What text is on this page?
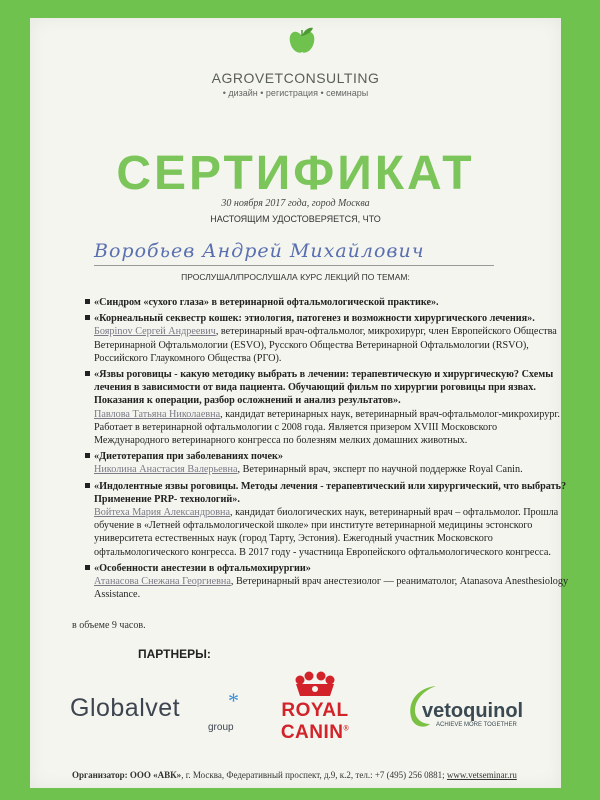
AGROVETCONSULTING
• дизайн • регистрация • семинары
СЕРТИФИКАТ
30 ноября 2017 года, город Москва
НАСТОЯЩИМ УДОСТОВЕРЯЕТСЯ, ЧТО
Воробьев Андрей Михайлович
ПРОСЛУШАЛ/ПРОСЛУШАЛА КУРС ЛЕКЦИЙ ПО ТЕМАМ:
«Синдром «сухого глаза» в ветеринарной офтальмологической практике».
«Корнеальный секвестр кошек: этиология, патогенез и возможности хирургического лечения».
Боярinov Сергей Андреевич, ветеринарный врач-офтальмолог, микрохирург, член Европейского Общества Ветеринарной Офтальмологии (ESVO), Русского Общества Ветеринарной Офтальмологии (RSVO), Российского Глаукомного Общества (РГО).
«Язвы роговицы - какую методику выбрать в лечении: терапевтическую и хирургическую? Схемы лечения в зависимости от вида пациента. Обучающий фильм по хирургии роговицы при язвах. Показания к операции, разбор осложнений и анализ результатов».
Павлова Татьяна Николаевна, кандидат ветеринарных наук, ветеринарный врач-офтальмолог-микрохирург. Работает в ветеринарной офтальмологии с 2008 года. Является призером XVIII Московского Международного ветеринарного конгресса по болезням мелких домашних животных.
«Диетотерапия при заболеваниях почек»
Николина Анастасия Валерьевна, Ветеринарный врач, эксперт по научной поддержке Royal Canin.
«Индолентные язвы роговицы. Методы лечения - терапевтический или хирургический, что выбрать? Применение PRP- технологий».
Войтеха Мария Александровна, кандидат биологических наук, ветеринарный врач – офтальмолог. Прошла обучение в «Летней офтальмологической школе» при институте ветеринарной медицины эстонского университета естественных наук (город Тарту, Эстония). Ежегодный участник Московского офтальмологического конгресса. В 2017 году - участница Европейского офтальмологического конгресса.
«Особенности анестезии в офтальмохирургии»
Атанасова Снежана Георгиевна, Ветеринарный врач анестезиолог — реаниматолог, Atanasova Anesthesiology Assistance.
в объеме 9 часов.
ПАРТНЕРЫ:
Globalvet *
group
ROYAL CANIN®
vetoquinol
ACHIEVE MORE TOGETHER
Организатор: ООО «АВК», г. Москва, Федеративный проспект, д.9, к.2, тел.: +7 (495) 256 0881; www.vetseminar.ru
